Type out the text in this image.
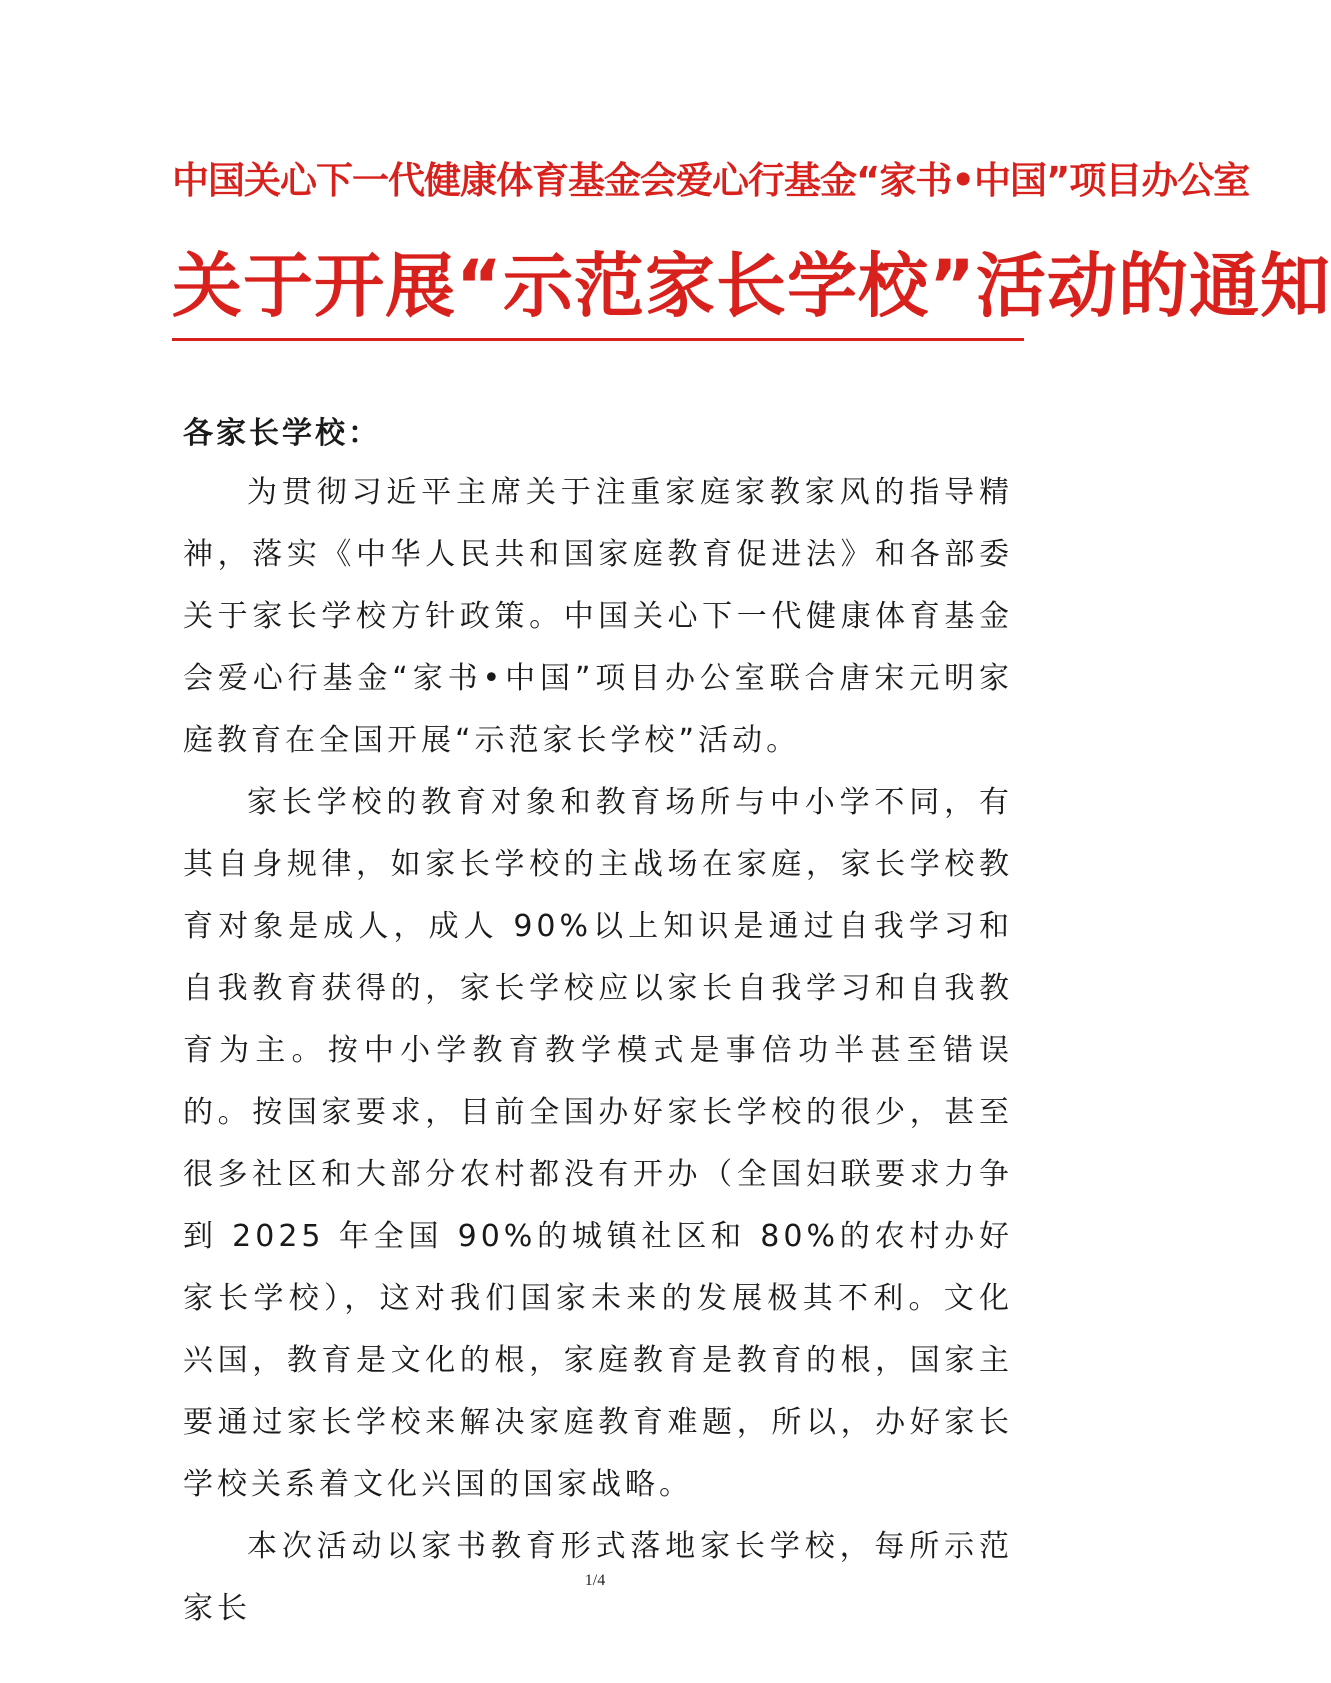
中国关心下一代健康体育基金会爱心行基金“家书•中国”项目办公室
关于开展“示范家长学校”活动的通知
各家长学校：

为贯彻习近平主席关于注重家庭家教家风的指导精神，落实《中华人民共和国家庭教育促进法》和各部委关于家长学校方针政策。中国关心下一代健康体育基金会爱心行基金“家书•中国”项目办公室联合唐宋元明家庭教育在全国开展“示范家长学校”活动。

家长学校的教育对象和教育场所与中小学不同，有其自身规律，如家长学校的主战场在家庭，家长学校教育对象是成人，成人 90%以上知识是通过自我学习和自我教育获得的，家长学校应以家长自我学习和自我教育为主。按中小学教育教学模式是事倍功半甚至错误的。按国家要求，目前全国办好家长学校的很少，甚至很多社区和大部分农村都没有开办（全国妇联要求力争到 2025 年全国 90%的城镇社区和 80%的农村办好家长学校），这对我们国家未来的发展极其不利。文化兴国，教育是文化的根，家庭教育是教育的根，国家主要通过家长学校来解决家庭教育难题，所以，办好家长学校关系着文化兴国的国家战略。

本次活动以家书教育形式落地家长学校，每所示范家长

1/4
